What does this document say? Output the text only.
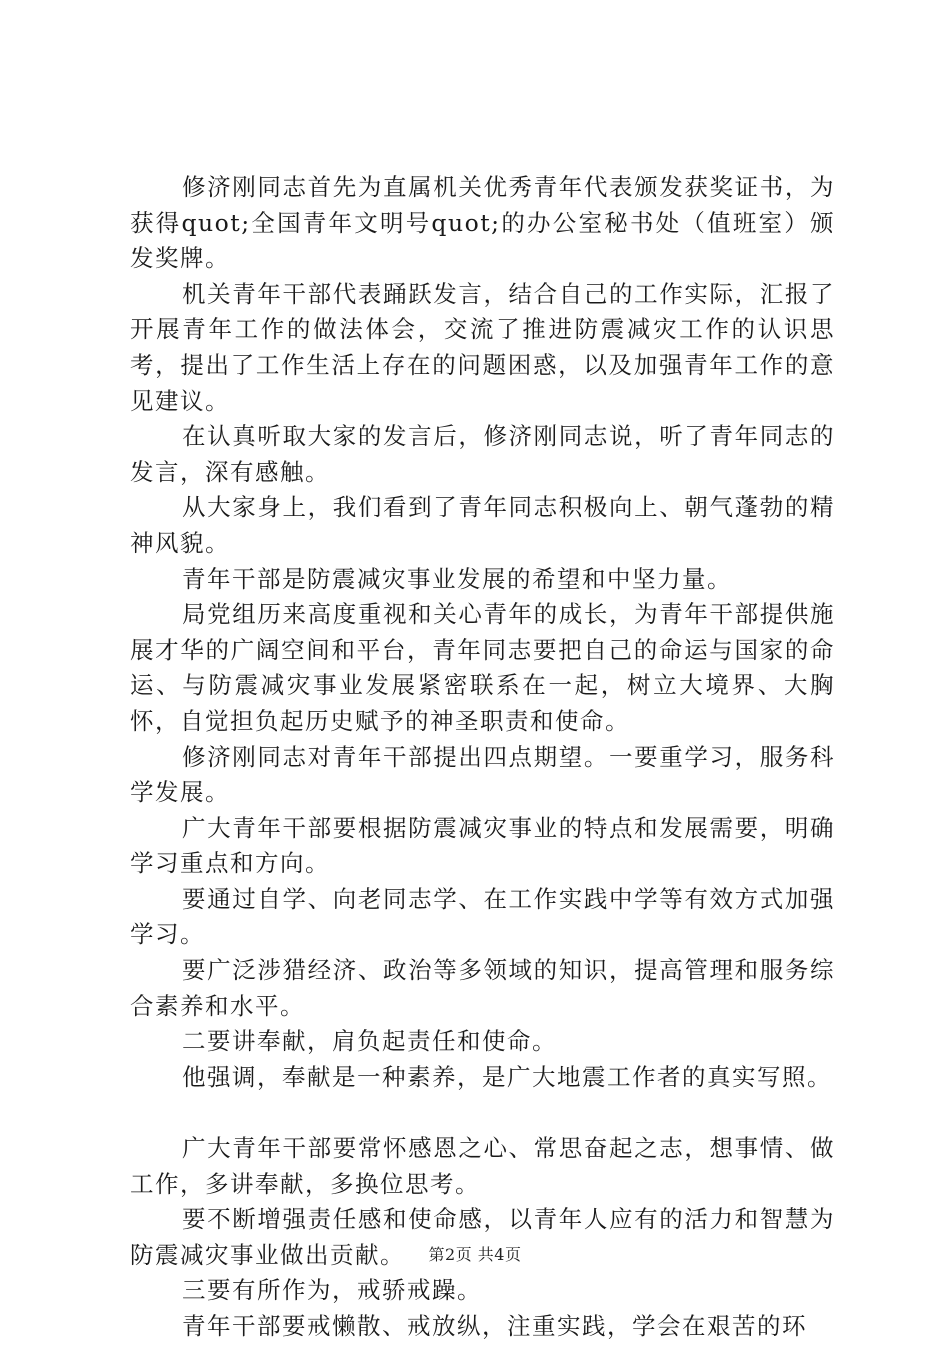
修济刚同志首先为直属机关优秀青年代表颁发获奖证书，为获得quot;全国青年文明号quot;的办公室秘书处（值班室）颁发奖牌。

机关青年干部代表踊跃发言，结合自己的工作实际，汇报了开展青年工作的做法体会，交流了推进防震减灾工作的认识思考，提出了工作生活上存在的问题困惑，以及加强青年工作的意见建议。

在认真听取大家的发言后，修济刚同志说，听了青年同志的发言，深有感触。

从大家身上，我们看到了青年同志积极向上、朝气蓬勃的精神风貌。

青年干部是防震减灾事业发展的希望和中坚力量。

局党组历来高度重视和关心青年的成长，为青年干部提供施展才华的广阔空间和平台，青年同志要把自己的命运与国家的命运、与防震减灾事业发展紧密联系在一起，树立大境界、大胸怀，自觉担负起历史赋予的神圣职责和使命。

修济刚同志对青年干部提出四点期望。一要重学习，服务科学发展。

广大青年干部要根据防震减灾事业的特点和发展需要，明确学习重点和方向。

要通过自学、向老同志学、在工作实践中学等有效方式加强学习。

要广泛涉猎经济、政治等多领域的知识，提高管理和服务综合素养和水平。

二要讲奉献，肩负起责任和使命。

他强调，奉献是一种素养，是广大地震工作者的真实写照。

广大青年干部要常怀感恩之心、常思奋起之志，想事情、做工作，多讲奉献，多换位思考。

要不断增强责任感和使命感，以青年人应有的活力和智慧为防震减灾事业做出贡献。

三要有所作为，戒骄戒躁。

青年干部要戒懒散、戒放纵，注重实践，学会在艰苦的环

第2页 共4页
